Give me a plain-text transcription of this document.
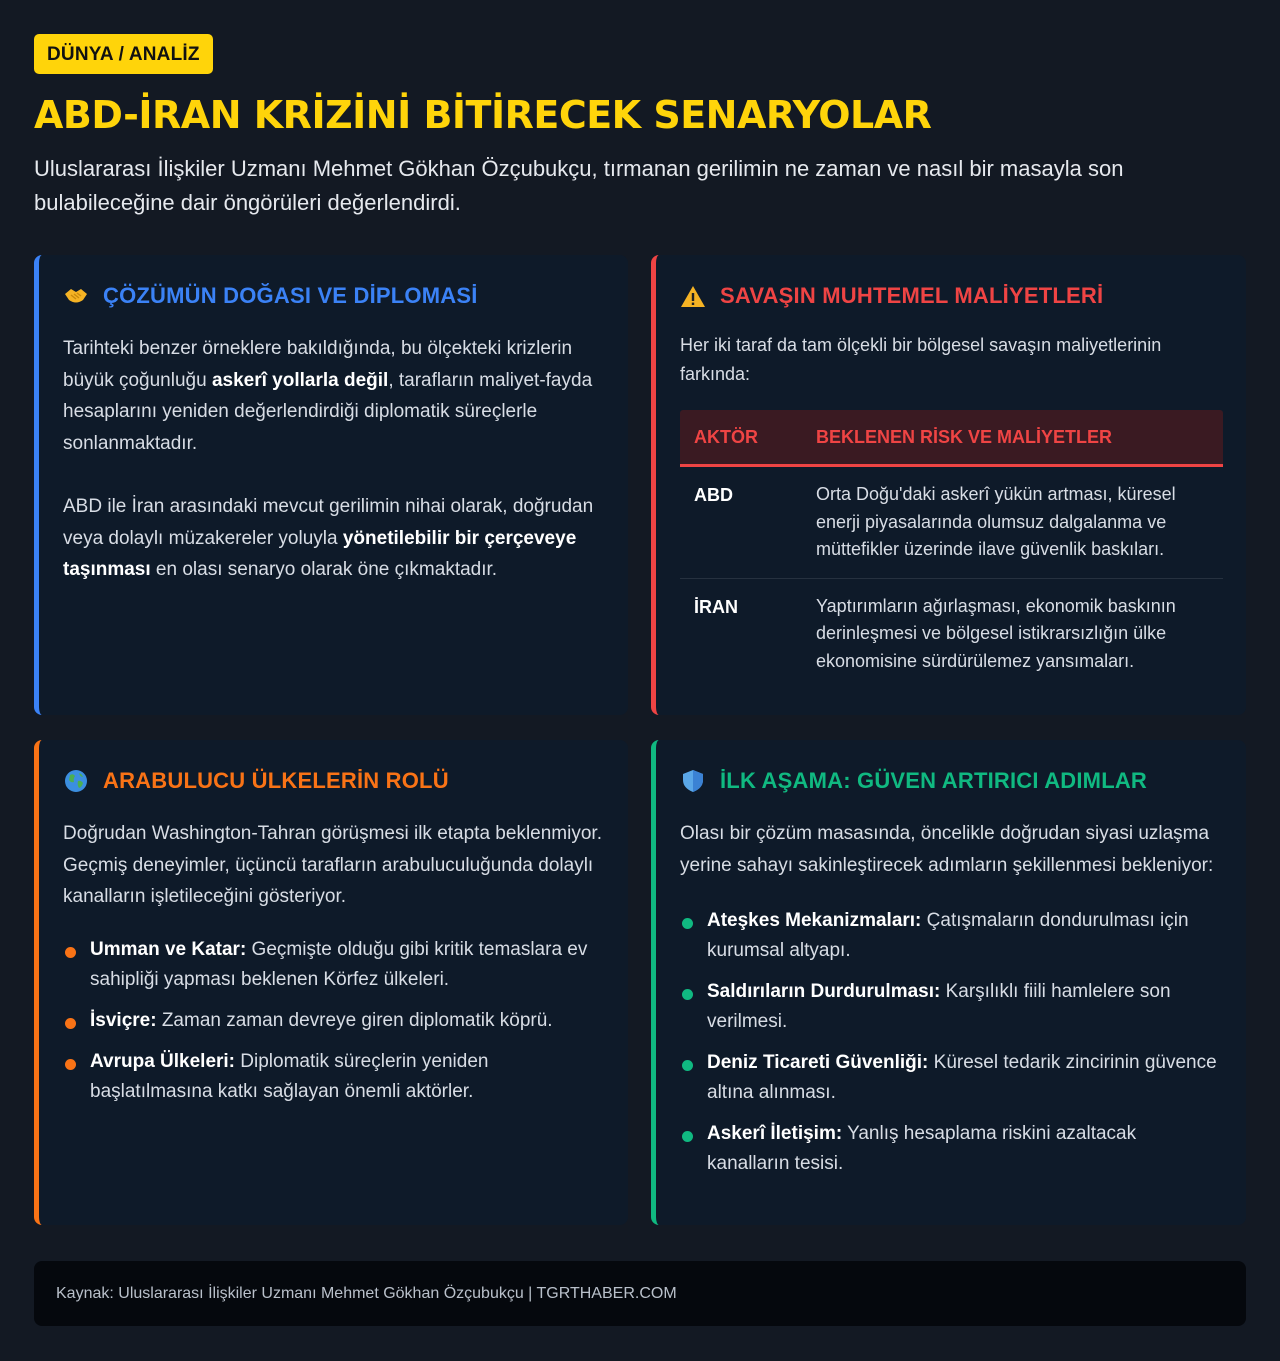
DÜNYA / ANALİZ
ABD-İRAN KRİZİNİ BİTİRECEK SENARYOLAR

Uluslararası İlişkiler Uzmanı Mehmet Gökhan Özçubukçu, tırmanan gerilimin ne zaman ve nasıl bir masayla son bulabileceğine dair öngörüleri değerlendirdi.

ÇÖZÜMÜN DOĞASI VE DİPLOMASİ

Tarihteki benzer örneklere bakıldığında, bu ölçekteki krizlerin büyük çoğunluğu askerî yollarla değil, tarafların maliyet-fayda hesaplarını yeniden değerlendirdiği diplomatik süreçlerle sonlanmaktadır.

ABD ile İran arasındaki mevcut gerilimin nihai olarak, doğrudan veya dolaylı müzakereler yoluyla yönetilebilir bir çerçeveye taşınması en olası senaryo olarak öne çıkmaktadır.

SAVAŞIN MUHTEMEL MALİYETLERİ

Her iki taraf da tam ölçekli bir bölgesel savaşın maliyetlerinin farkında:

AKTÖR	BEKLENEN RİSK VE MALİYETLER
ABD	Orta Doğu'daki askerî yükün artması, küresel enerji piyasalarında olumsuz dalgalanma ve müttefikler üzerinde ilave güvenlik baskıları.
İRAN	Yaptırımların ağırlaşması, ekonomik baskının derinleşmesi ve bölgesel istikrarsızlığın ülke ekonomisine sürdürülemez yansımaları.
ARABULUCU ÜLKELERİN ROLÜ

Doğrudan Washington-Tahran görüşmesi ilk etapta beklenmiyor. Geçmiş deneyimler, üçüncü tarafların arabuluculuğunda dolaylı kanalların işletileceğini gösteriyor.

Umman ve Katar: Geçmişte olduğu gibi kritik temaslara ev sahipliği yapması beklenen Körfez ülkeleri.
İsviçre: Zaman zaman devreye giren diplomatik köprü.
Avrupa Ülkeleri: Diplomatik süreçlerin yeniden başlatılmasına katkı sağlayan önemli aktörler.
İLK AŞAMA: GÜVEN ARTIRICI ADIMLAR

Olası bir çözüm masasında, öncelikle doğrudan siyasi uzlaşma yerine sahayı sakinleştirecek adımların şekillenmesi bekleniyor:

Ateşkes Mekanizmaları: Çatışmaların dondurulması için kurumsal altyapı.
Saldırıların Durdurulması: Karşılıklı fiili hamlelere son verilmesi.
Deniz Ticareti Güvenliği: Küresel tedarik zincirinin güvence altına alınması.
Askerî İletişim: Yanlış hesaplama riskini azaltacak kanalların tesisi.
Kaynak: Uluslararası İlişkiler Uzmanı Mehmet Gökhan Özçubukçu | TGRTHABER.COM
